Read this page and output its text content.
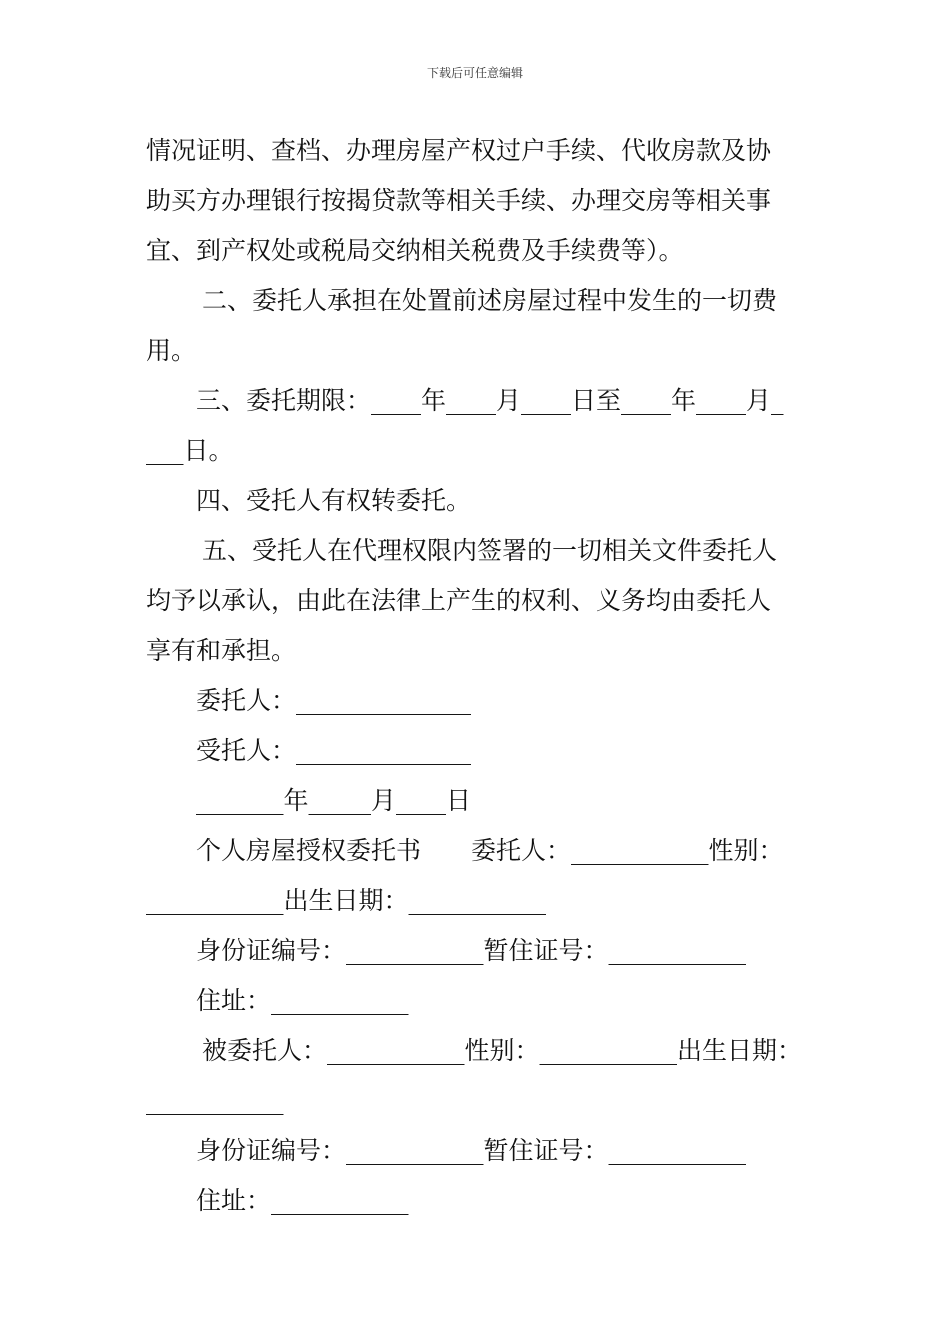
下载后可任意编辑
情况证明、查档、办理房屋产权过户手续、代收房款及协
助买方办理银行按揭贷款等相关手续、办理交房等相关事
宜、到产权处或税局交纳相关税费及手续费等）。
二、委托人承担在处置前述房屋过程中发生的一切费
用。
三、委托期限：____年____月____日至____年____月_
___日。
四、受托人有权转委托。
五、受托人在代理权限内签署的一切相关文件委托人
均予以承认，由此在法律上产生的权利、义务均由委托人
享有和承担。
委托人：______________
受托人：______________
_______年_____月____日
个人房屋授权委托书 委托人：___________性别：
___________出生日期：___________
身份证编号：___________暂住证号：___________
住址：___________
被委托人：___________性别：___________出生日期：
___________
身份证编号：___________暂住证号：___________
住址：___________
